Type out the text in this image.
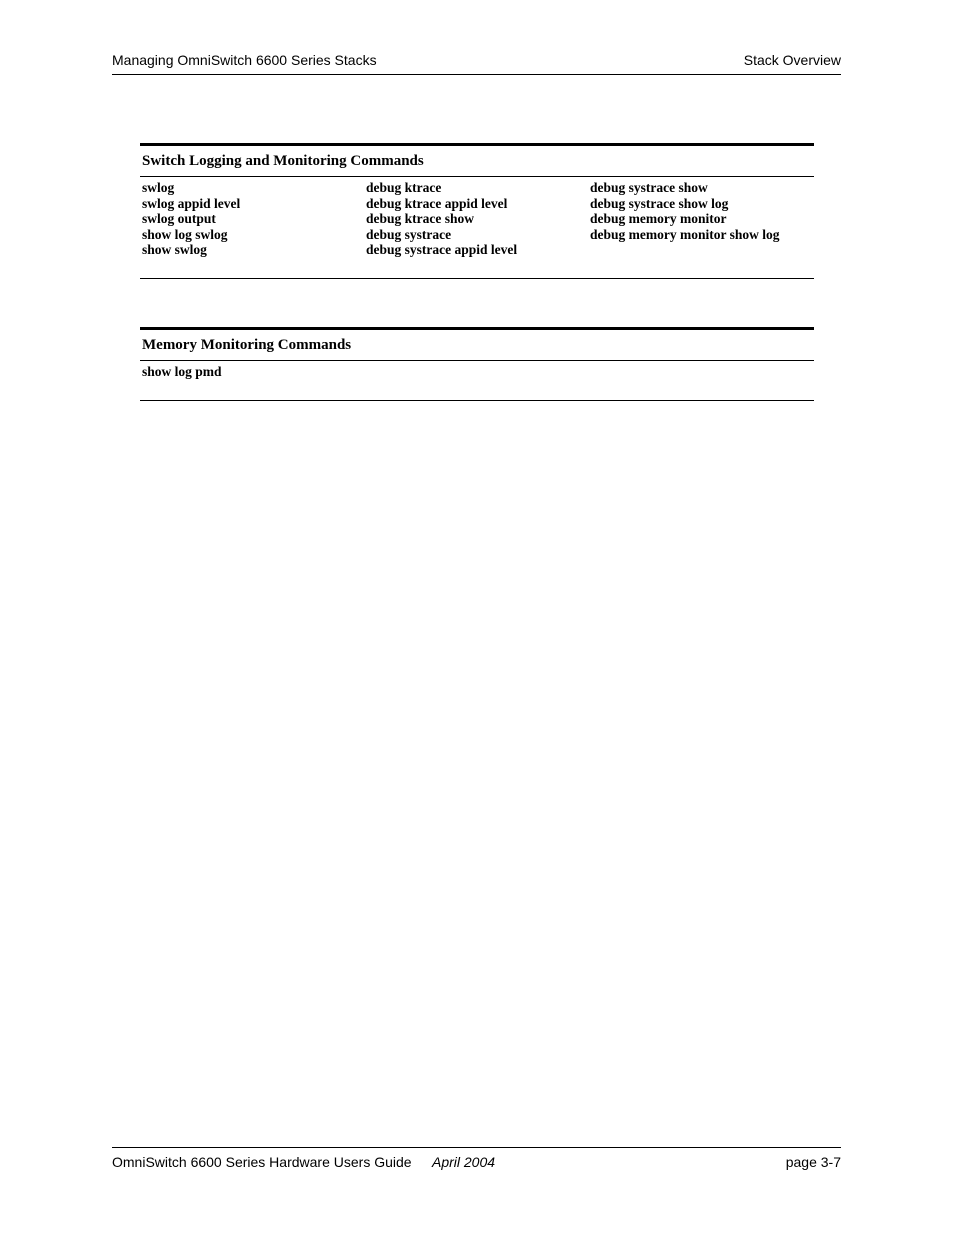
Managing OmniSwitch 6600 Series Stacks	Stack Overview
Switch Logging and Monitoring Commands
swlog
swlog appid level
swlog output
show log swlog
show swlog
debug ktrace
debug ktrace appid level
debug ktrace show
debug systrace
debug systrace appid level
debug systrace show
debug systrace show log
debug memory monitor
debug memory monitor show log
Memory Monitoring Commands
show log pmd
OmniSwitch 6600 Series Hardware Users Guide April 2004	page 3-7
